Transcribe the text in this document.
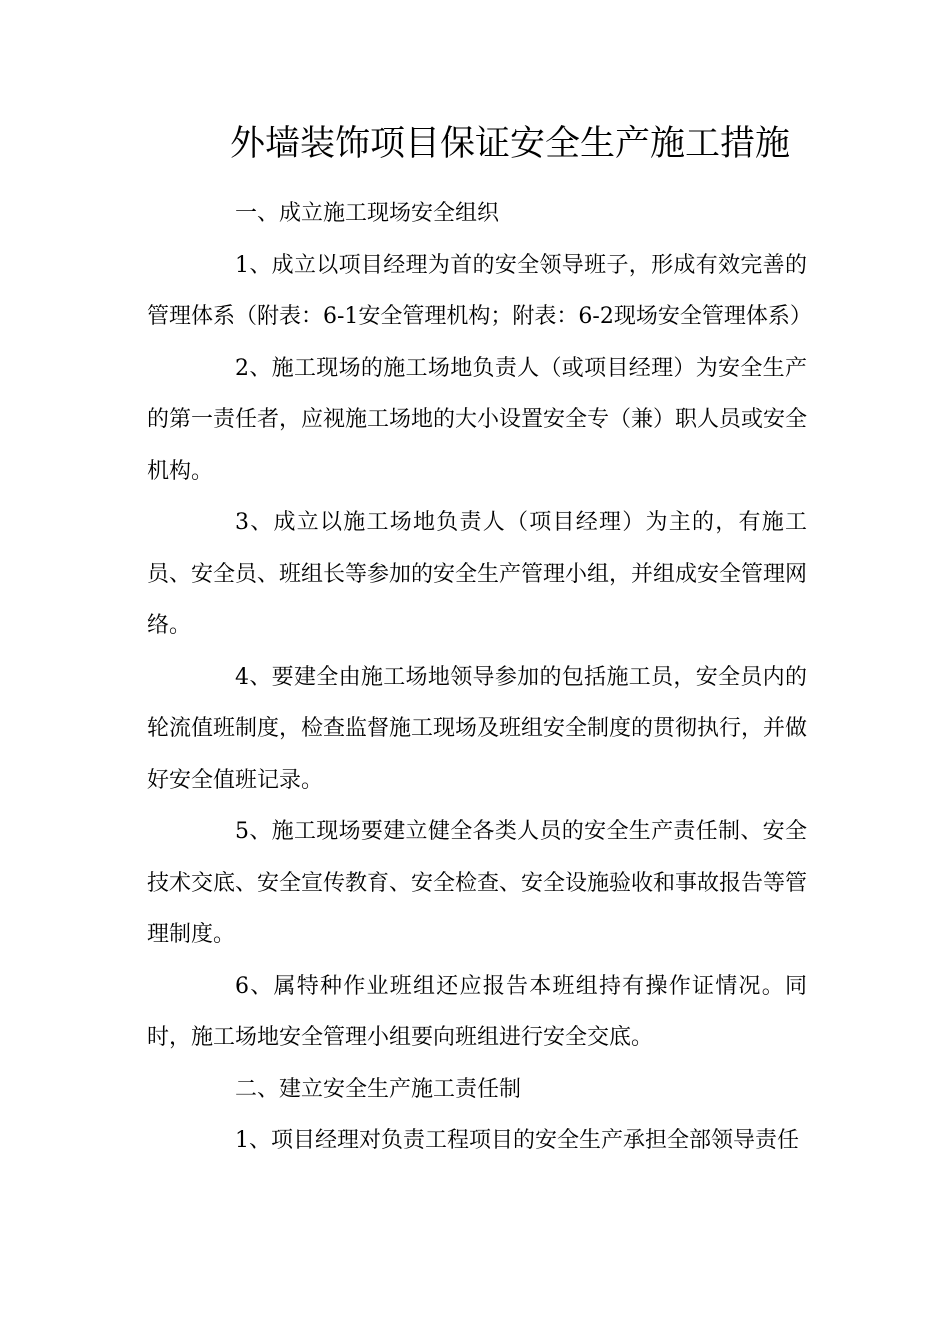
外墙装饰项目保证安全生产施工措施

一、成立施工现场安全组织

1、成立以项目经理为首的安全领导班子，形成有效完善的管理体系（附表：6-1安全管理机构；附表：6-2现场安全管理体系）

2、施工现场的施工场地负责人（或项目经理）为安全生产的第一责任者，应视施工场地的大小设置安全专（兼）职人员或安全机构。

3、成立以施工场地负责人（项目经理）为主的，有施工员、安全员、班组长等参加的安全生产管理小组，并组成安全管理网络。

4、要建全由施工场地领导参加的包括施工员，安全员内的轮流值班制度，检查监督施工现场及班组安全制度的贯彻执行，并做好安全值班记录。

5、施工现场要建立健全各类人员的安全生产责任制、安全技术交底、安全宣传教育、安全检查、安全设施验收和事故报告等管理制度。

6、属特种作业班组还应报告本班组持有操作证情况。同时，施工场地安全管理小组要向班组进行安全交底。

二、建立安全生产施工责任制

1、项目经理对负责工程项目的安全生产承担全部领导责任
